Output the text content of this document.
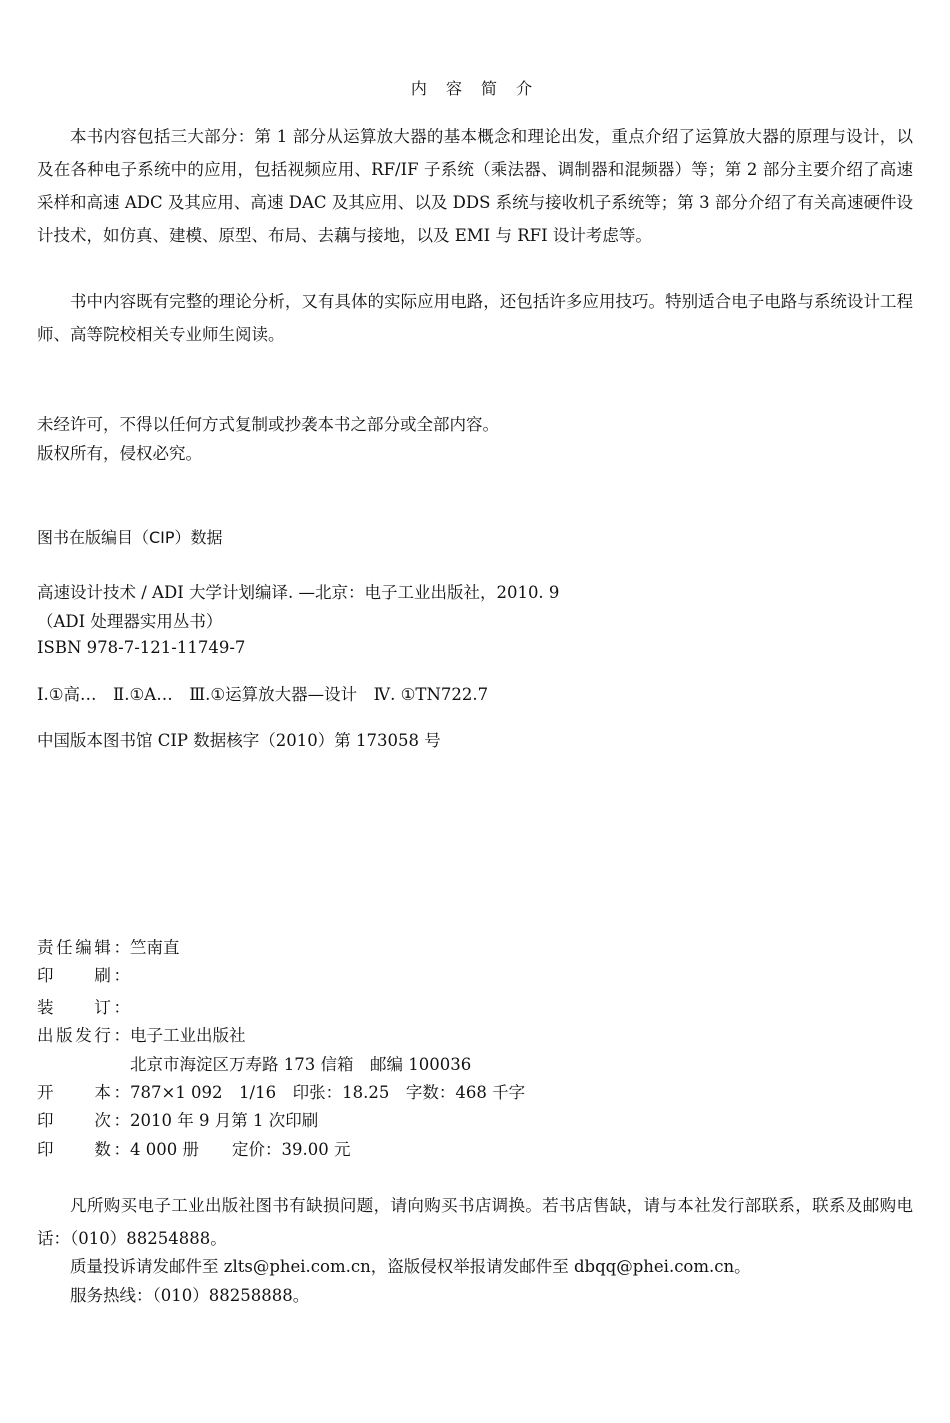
内 容 简 介
本书内容包括三大部分：第 1 部分从运算放大器的基本概念和理论出发，重点介绍了运算放大器的原理与设计，以及在各种电子系统中的应用，包括视频应用、RF/IF 子系统（乘法器、调制器和混频器）等；第 2 部分主要介绍了高速采样和高速 ADC 及其应用、高速 DAC 及其应用、以及 DDS 系统与接收机子系统等；第 3 部分介绍了有关高速硬件设计技术，如仿真、建模、原型、布局、去藕与接地，以及 EMI 与 RFI 设计考虑等。
书中内容既有完整的理论分析，又有具体的实际应用电路，还包括许多应用技巧。特别适合电子电路与系统设计工程师、高等院校相关专业师生阅读。
未经许可，不得以任何方式复制或抄袭本书之部分或全部内容。
版权所有，侵权必究。
图书在版编目（CIP）数据
高速设计技术 / ADI 大学计划编译. —北京：电子工业出版社，2010. 9
（ADI 处理器实用丛书）
ISBN 978-7-121-11749-7
Ⅰ.①高…　Ⅱ.①A…　Ⅲ.①运算放大器—设计　Ⅳ. ①TN722.7
中国版本图书馆 CIP 数据核字（2010）第 173058 号
责任编辑：竺南直
印　　刷：
装　　订：
出版发行：电子工业出版社
北京市海淀区万寿路 173 信箱　邮编 100036
开　　本：787×1 092　1/16　印张：18.25　字数：468 千字
印　　次：2010 年 9 月第 1 次印刷
印　　数：4 000 册　　定价：39.00 元
凡所购买电子工业出版社图书有缺损问题，请向购买书店调换。若书店售缺，请与本社发行部联系，联系及邮购电话：（010）88254888。
质量投诉请发邮件至 zlts@phei.com.cn，盗版侵权举报请发邮件至 dbqq@phei.com.cn。
服务热线：（010）88258888。
